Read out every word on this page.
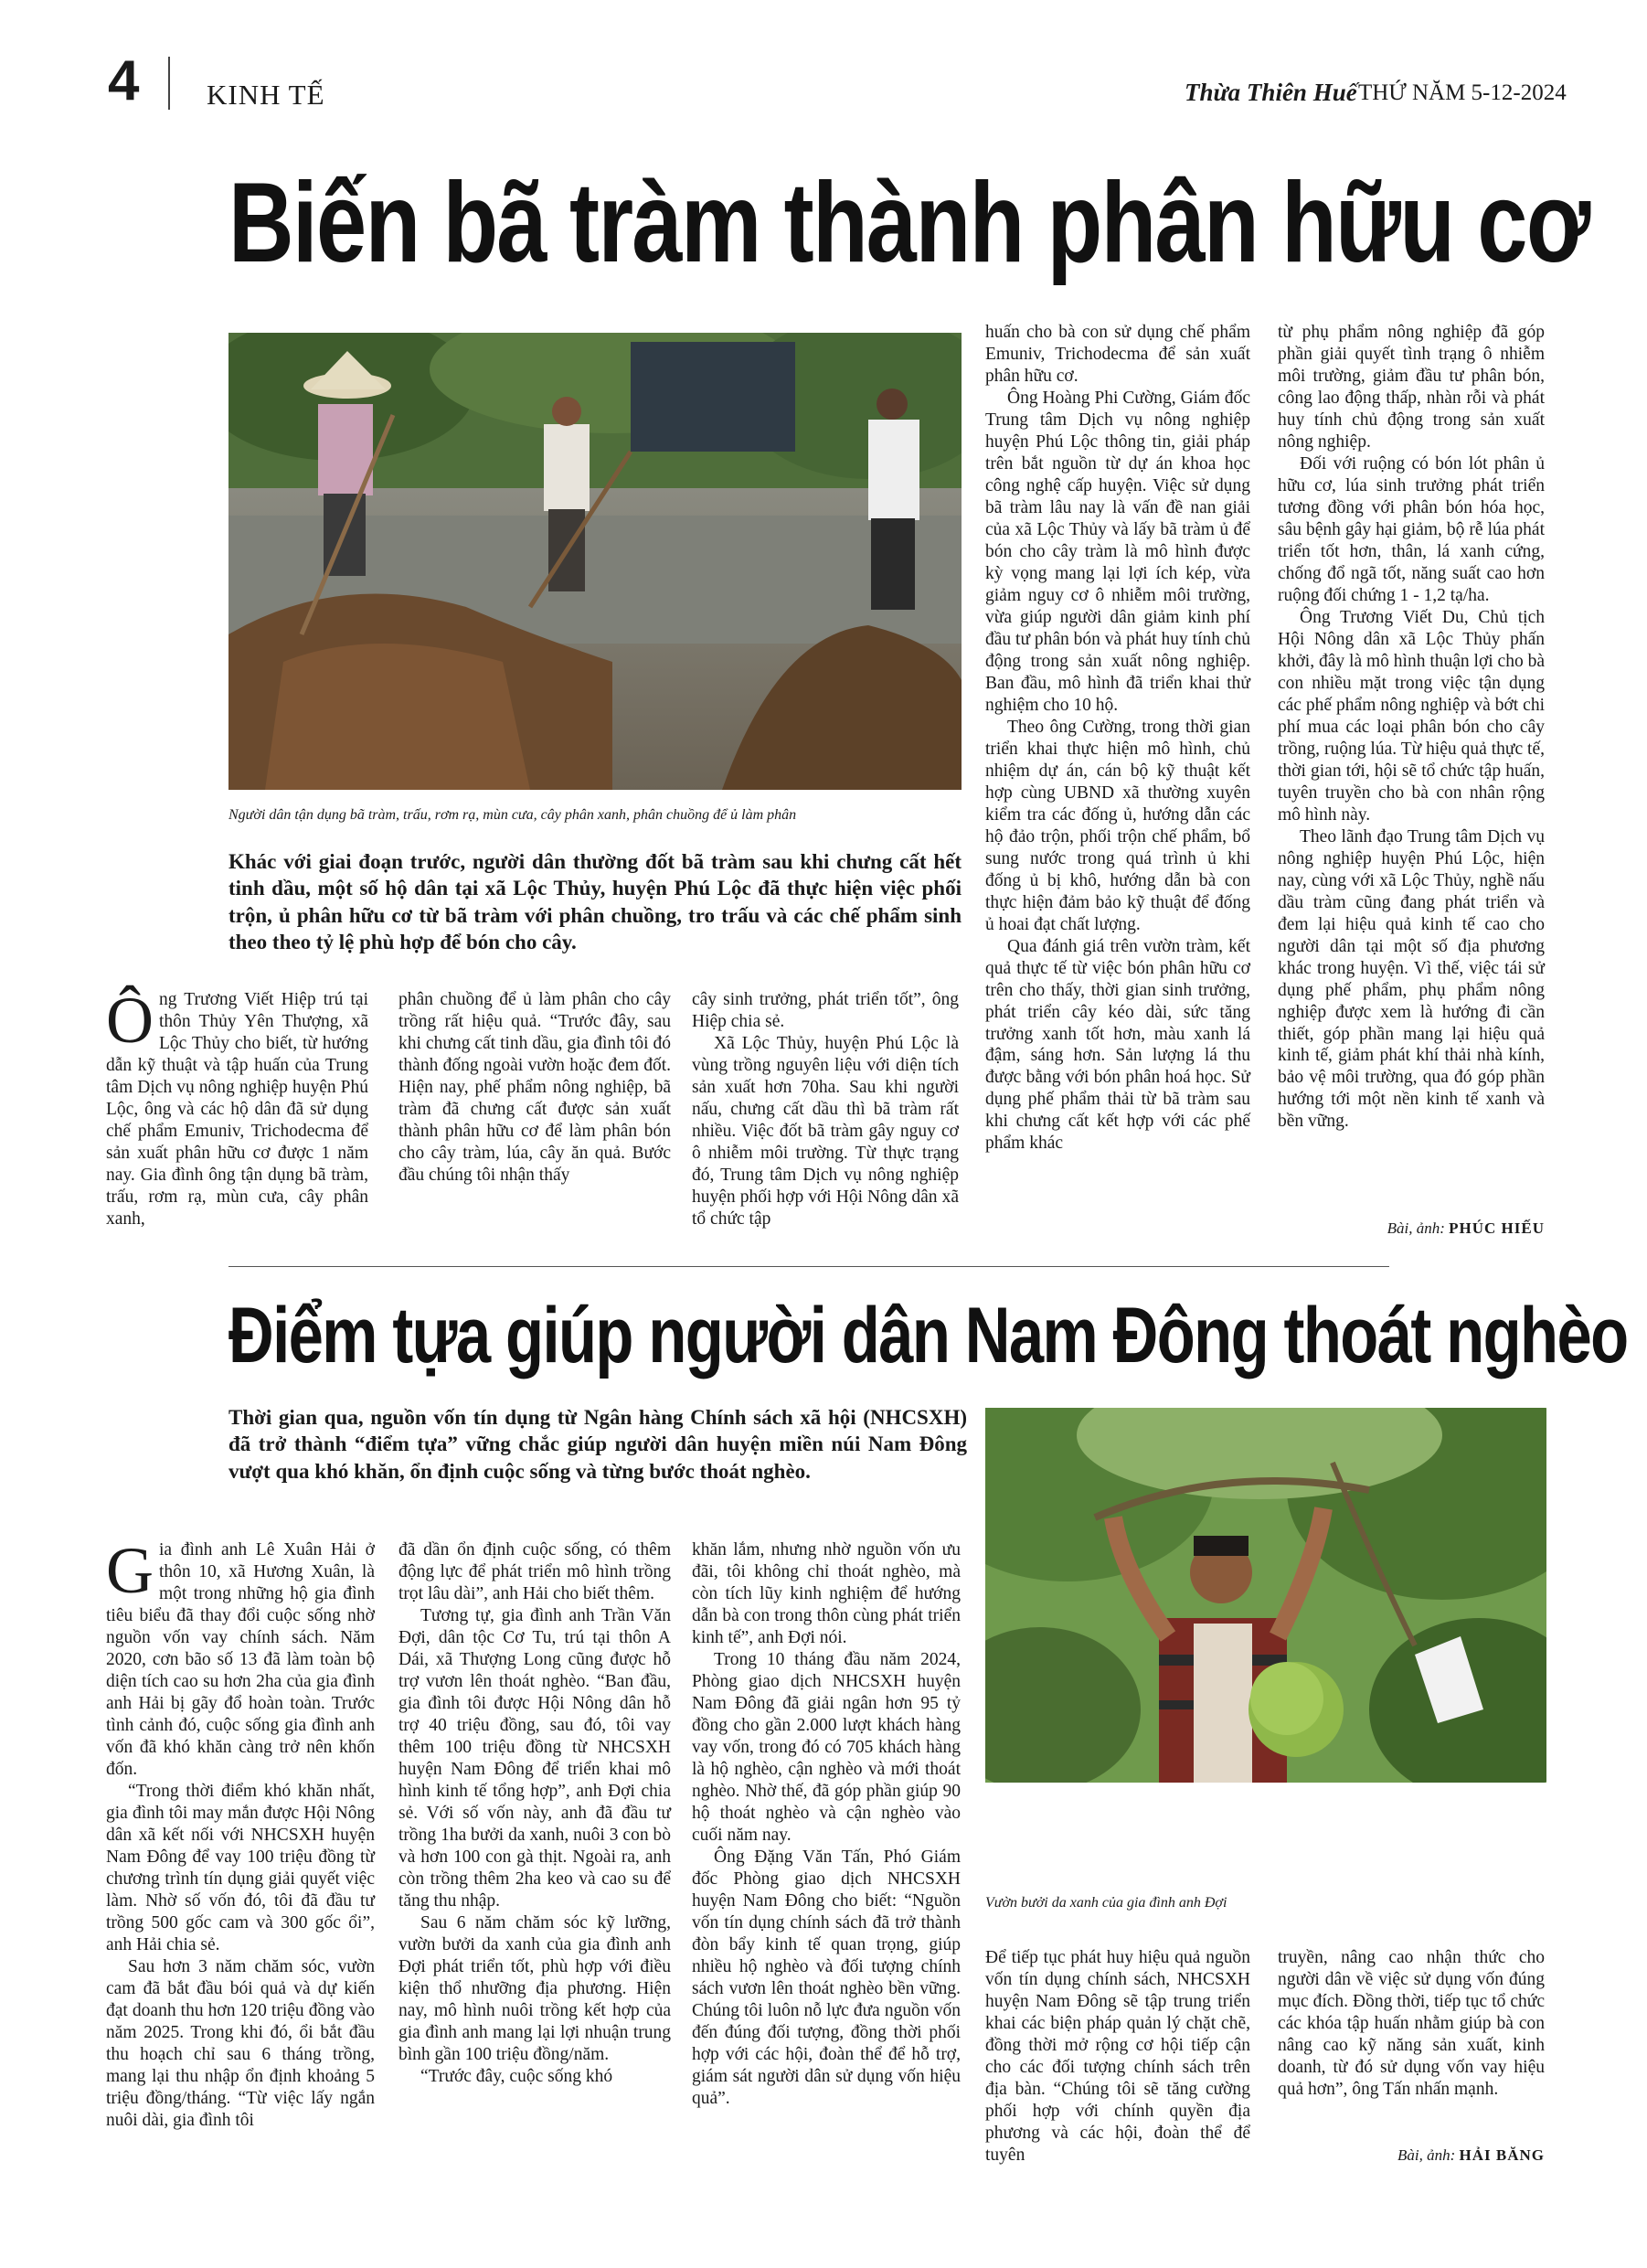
4 KINH TẾ	Thừa Thiên Huế THỨ NĂM 5-12-2024
Biến bã tràm thành phân hữu cơ
Người dân tận dụng bã tràm, trấu, rơm rạ, mùn cưa, cây phân xanh, phân chuồng để ủ làm phân
Khác với giai đoạn trước, người dân thường đốt bã tràm sau khi chưng cất hết tinh dầu, một số hộ dân tại xã Lộc Thủy, huyện Phú Lộc đã thực hiện việc phối trộn, ủ phân hữu cơ từ bã tràm với phân chuồng, tro trấu và các chế phẩm sinh theo theo tỷ lệ phù hợp để bón cho cây.

Ông Trương Viết Hiệp trú tại thôn Thủy Yên Thượng, xã Lộc Thủy cho biết, từ hướng dẫn kỹ thuật và tập huấn của Trung tâm Dịch vụ nông nghiệp huyện Phú Lộc, ông và các hộ dân đã sử dụng chế phẩm Emuniv, Trichodecma để sản xuất phân hữu cơ được 1 năm nay. Gia đình ông tận dụng bã tràm, trấu, rơm rạ, mùn cưa, cây phân xanh,

phân chuồng để ủ làm phân cho cây trồng rất hiệu quả. “Trước đây, sau khi chưng cất tinh dầu, gia đình tôi đó thành đống ngoài vườn hoặc đem đốt. Hiện nay, phế phẩm nông nghiệp, bã tràm đã chưng cất được sản xuất thành phân hữu cơ để làm phân bón cho cây tràm, lúa, cây ăn quả. Bước đầu chúng tôi nhận thấy

cây sinh trưởng, phát triển tốt”, ông Hiệp chia sẻ.

Xã Lộc Thủy, huyện Phú Lộc là vùng trồng nguyên liệu với diện tích sản xuất hơn 70ha. Sau khi người nấu, chưng cất dầu thì bã tràm rất nhiều. Việc đốt bã tràm gây nguy cơ ô nhiễm môi trường. Từ thực trạng đó, Trung tâm Dịch vụ nông nghiệp huyện phối hợp với Hội Nông dân xã tổ chức tập

huấn cho bà con sử dụng chế phẩm Emuniv, Trichodecma để sản xuất phân hữu cơ.

Ông Hoàng Phi Cường, Giám đốc Trung tâm Dịch vụ nông nghiệp huyện Phú Lộc thông tin, giải pháp trên bắt nguồn từ dự án khoa học công nghệ cấp huyện. Việc sử dụng bã tràm lâu nay là vấn đề nan giải của xã Lộc Thủy và lấy bã tràm ủ để bón cho cây tràm là mô hình được kỳ vọng mang lại lợi ích kép, vừa giảm nguy cơ ô nhiễm môi trường, vừa giúp người dân giảm kinh phí đầu tư phân bón và phát huy tính chủ động trong sản xuất nông nghiệp. Ban đầu, mô hình đã triển khai thử nghiệm cho 10 hộ.

Theo ông Cường, trong thời gian triển khai thực hiện mô hình, chủ nhiệm dự án, cán bộ kỹ thuật kết hợp cùng UBND xã thường xuyên kiểm tra các đống ủ, hướng dẫn các hộ đảo trộn, phối trộn chế phẩm, bổ sung nước trong quá trình ủ khi đống ủ bị khô, hướng dẫn bà con thực hiện đảm bảo kỹ thuật để đống ủ hoai đạt chất lượng.

Qua đánh giá trên vườn tràm, kết quả thực tế từ việc bón phân hữu cơ trên cho thấy, thời gian sinh trưởng, phát triển cây kéo dài, sức tăng trưởng xanh tốt hơn, màu xanh lá đậm, sáng hơn. Sản lượng lá thu được bằng với bón phân hoá học. Sử dụng phế phẩm thải từ bã tràm sau khi chưng cất kết hợp với các phế phẩm khác

từ phụ phẩm nông nghiệp đã góp phần giải quyết tình trạng ô nhiễm môi trường, giảm đầu tư phân bón, công lao động thấp, nhàn rỗi và phát huy tính chủ động trong sản xuất nông nghiệp.

Đối với ruộng có bón lót phân ủ hữu cơ, lúa sinh trưởng phát triển tương đồng với phân bón hóa học, sâu bệnh gây hại giảm, bộ rễ lúa phát triển tốt hơn, thân, lá xanh cứng, chống đổ ngã tốt, năng suất cao hơn ruộng đối chứng 1 - 1,2 tạ/ha.

Ông Trương Viết Du, Chủ tịch Hội Nông dân xã Lộc Thủy phấn khởi, đây là mô hình thuận lợi cho bà con nhiều mặt trong việc tận dụng các phế phẩm nông nghiệp và bớt chi phí mua các loại phân bón cho cây trồng, ruộng lúa. Từ hiệu quả thực tế, thời gian tới, hội sẽ tổ chức tập huấn, tuyên truyền cho bà con nhân rộng mô hình này.

Theo lãnh đạo Trung tâm Dịch vụ nông nghiệp huyện Phú Lộc, hiện nay, cùng với xã Lộc Thủy, nghề nấu dầu tràm cũng đang phát triển và đem lại hiệu quả kinh tế cao cho người dân tại một số địa phương khác trong huyện. Vì thế, việc tái sử dụng phế phẩm, phụ phẩm nông nghiệp được xem là hướng đi cần thiết, góp phần mang lại hiệu quả kinh tế, giảm phát khí thải nhà kính, bảo vệ môi trường, qua đó góp phần hướng tới một nền kinh tế xanh và bền vững.

Bài, ảnh: PHÚC HIẾU
Điểm tựa giúp người dân Nam Đông thoát nghèo
Thời gian qua, nguồn vốn tín dụng từ Ngân hàng Chính sách xã hội (NHCSXH) đã trở thành “điểm tựa” vững chắc giúp người dân huyện miền núi Nam Đông vượt qua khó khăn, ổn định cuộc sống và từng bước thoát nghèo.
Vườn bưởi da xanh của gia đình anh Đợi

Gia đình anh Lê Xuân Hải ở thôn 10, xã Hương Xuân, là một trong những hộ gia đình tiêu biểu đã thay đổi cuộc sống nhờ nguồn vốn vay chính sách. Năm 2020, cơn bão số 13 đã làm toàn bộ diện tích cao su hơn 2ha của gia đình anh Hải bị gãy đổ hoàn toàn. Trước tình cảnh đó, cuộc sống gia đình anh vốn đã khó khăn càng trở nên khốn đốn.

“Trong thời điểm khó khăn nhất, gia đình tôi may mắn được Hội Nông dân xã kết nối với NHCSXH huyện Nam Đông để vay 100 triệu đồng từ chương trình tín dụng giải quyết việc làm. Nhờ số vốn đó, tôi đã đầu tư trồng 500 gốc cam và 300 gốc ổi”, anh Hải chia sẻ.

Sau hơn 3 năm chăm sóc, vườn cam đã bắt đầu bói quả và dự kiến đạt doanh thu hơn 120 triệu đồng vào năm 2025. Trong khi đó, ổi bắt đầu thu hoạch chỉ sau 6 tháng trồng, mang lại thu nhập ổn định khoảng 5 triệu đồng/tháng. “Từ việc lấy ngắn nuôi dài, gia đình tôi

đã dần ổn định cuộc sống, có thêm động lực để phát triển mô hình trồng trọt lâu dài”, anh Hải cho biết thêm.

Tương tự, gia đình anh Trần Văn Đợi, dân tộc Cơ Tu, trú tại thôn A Dái, xã Thượng Long cũng được hỗ trợ vươn lên thoát nghèo. “Ban đầu, gia đình tôi được Hội Nông dân hỗ trợ 40 triệu đồng, sau đó, tôi vay thêm 100 triệu đồng từ NHCSXH huyện Nam Đông để triển khai mô hình kinh tế tổng hợp”, anh Đợi chia sẻ. Với số vốn này, anh đã đầu tư trồng 1ha bưởi da xanh, nuôi 3 con bò và hơn 100 con gà thịt. Ngoài ra, anh còn trồng thêm 2ha keo và cao su để tăng thu nhập.

Sau 6 năm chăm sóc kỹ lưỡng, vườn bưởi da xanh của gia đình anh Đợi phát triển tốt, phù hợp với điều kiện thổ nhưỡng địa phương. Hiện nay, mô hình nuôi trồng kết hợp của gia đình anh mang lại lợi nhuận trung bình gần 100 triệu đồng/năm.

“Trước đây, cuộc sống khó

khăn lắm, nhưng nhờ nguồn vốn ưu đãi, tôi không chỉ thoát nghèo, mà còn tích lũy kinh nghiệm để hướng dẫn bà con trong thôn cùng phát triển kinh tế”, anh Đợi nói.

Trong 10 tháng đầu năm 2024, Phòng giao dịch NHCSXH huyện Nam Đông đã giải ngân hơn 95 tỷ đồng cho gần 2.000 lượt khách hàng vay vốn, trong đó có 705 khách hàng là hộ nghèo, cận nghèo và mới thoát nghèo. Nhờ thế, đã góp phần giúp 90 hộ thoát nghèo và cận nghèo vào cuối năm nay.

Ông Đặng Văn Tấn, Phó Giám đốc Phòng giao dịch NHCSXH huyện Nam Đông cho biết: “Nguồn vốn tín dụng chính sách đã trở thành đòn bẩy kinh tế quan trọng, giúp nhiều hộ nghèo và đối tượng chính sách vươn lên thoát nghèo bền vững. Chúng tôi luôn nỗ lực đưa nguồn vốn đến đúng đối tượng, đồng thời phối hợp với các hội, đoàn thể để hỗ trợ, giám sát người dân sử dụng vốn hiệu quả”.

Để tiếp tục phát huy hiệu quả nguồn vốn tín dụng chính sách, NHCSXH huyện Nam Đông sẽ tập trung triển khai các biện pháp quản lý chặt chẽ, đồng thời mở rộng cơ hội tiếp cận cho các đối tượng chính sách trên địa bàn. “Chúng tôi sẽ tăng cường phối hợp với chính quyền địa phương và các hội, đoàn thể để tuyên

truyền, nâng cao nhận thức cho người dân về việc sử dụng vốn đúng mục đích. Đồng thời, tiếp tục tổ chức các khóa tập huấn nhằm giúp bà con nâng cao kỹ năng sản xuất, kinh doanh, từ đó sử dụng vốn vay hiệu quả hơn”, ông Tấn nhấn mạnh.

Bài, ảnh: HẢI BĂNG
